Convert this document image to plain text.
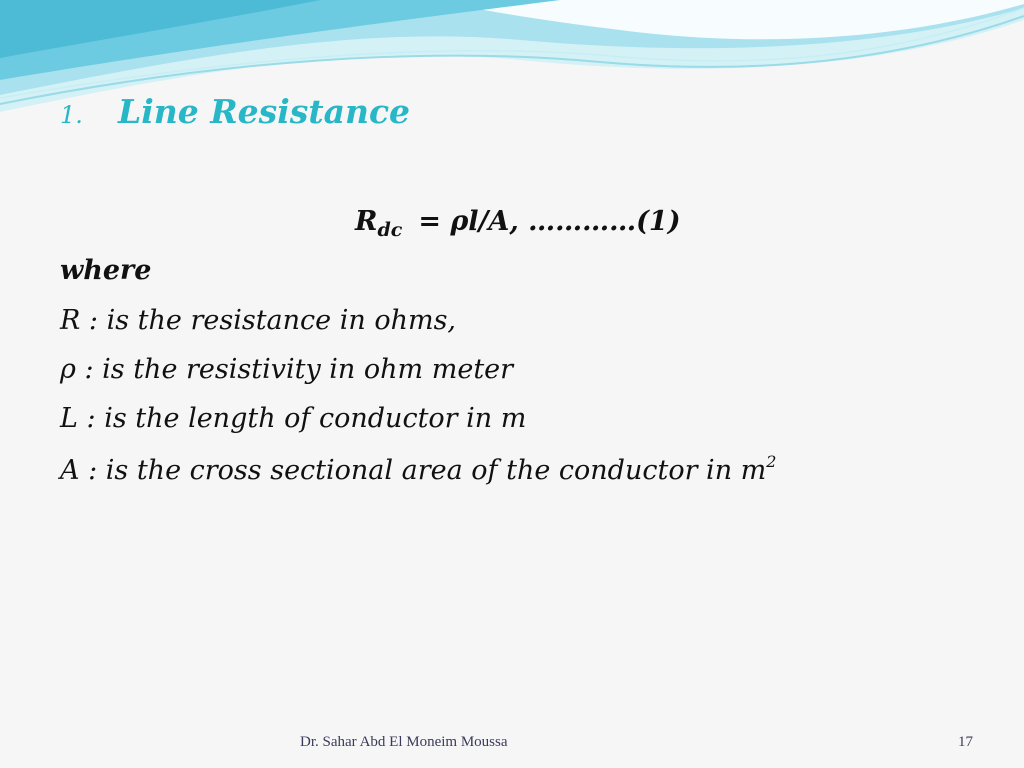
1. Line Resistance
$R_{dc} = \rho l/A$, …………(1)
where
R : is the resistance in ohms,
ρ : is the resistivity in ohm meter
L : is the length of conductor in m
A : is the cross sectional area of the conductor in $m^2$
Dr. Sahar Abd El Moneim Moussa	17
